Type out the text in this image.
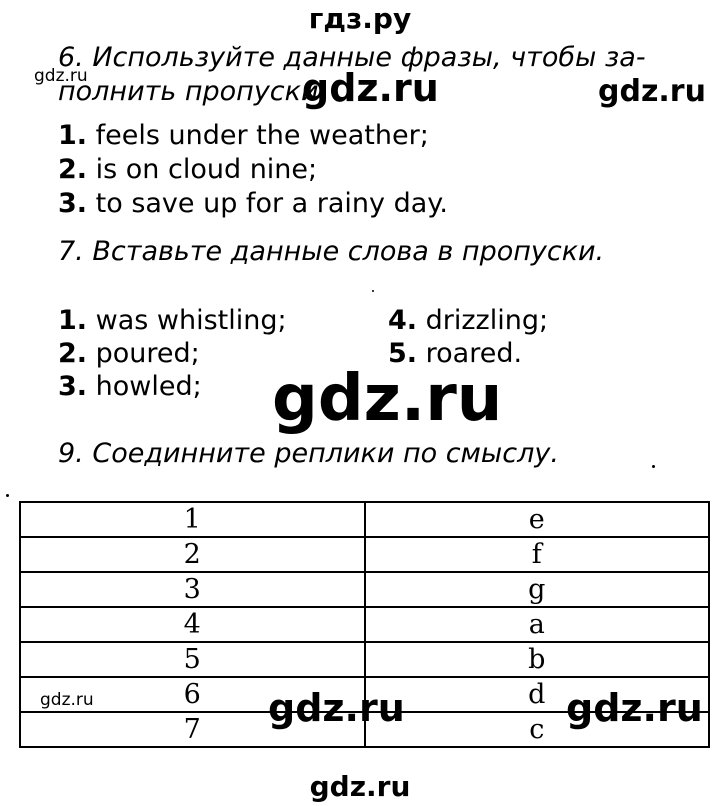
гдз.ру
6. Используйте данные фразы, чтобы за-
полнить пропуски.
gdz.ru	gdz.ru	gdz.ru
1. feels under the weather;
2. is on cloud nine;
3. to save up for a rainy day.
7. Вставьте данные слова в пропуски.
1. was whistling;
2. poured;
3. howled;
4. drizzling;
5. roared.
gdz.ru
9. Соединните реплики по смыслу.
1	e
2	f
3	g
4	a
5	b
6	d
7	c
gdz.ru	gdz.ru	gdz.ru
gdz.ru
